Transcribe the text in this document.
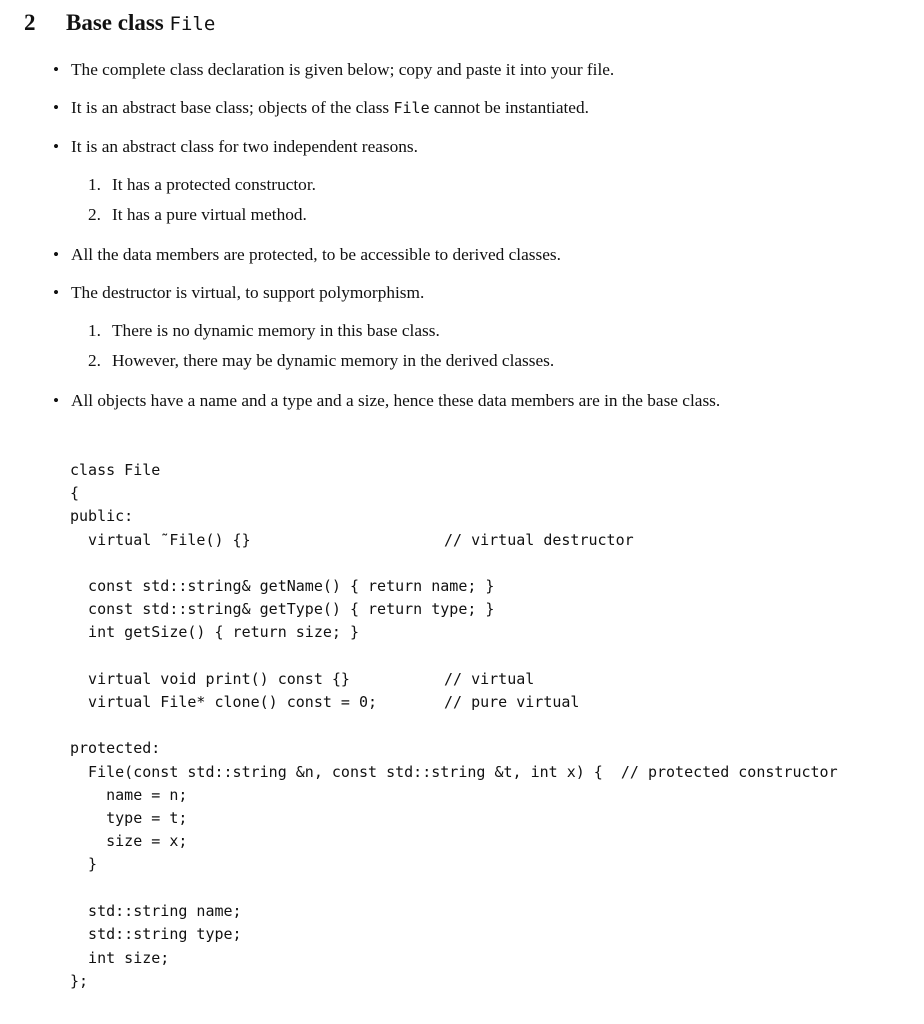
2 Base class File
• The complete class declaration is given below; copy and paste it into your file.
• It is an abstract base class; objects of the class File cannot be instantiated.
• It is an abstract class for two independent reasons.
1. It has a protected constructor.
2. It has a pure virtual method.
• All the data members are protected, to be accessible to derived classes.
• The destructor is virtual, to support polymorphism.
1. There is no dynamic memory in this base class.
2. However, there may be dynamic memory in the derived classes.
• All objects have a name and a type and a size, hence these data members are in the base class.
class File
{
public:
virtual ˜File() {}	// virtual destructor
const std::string& getName() { return name; }
const std::string& getType() { return type; }
int getSize() { return size; }
virtual void print() const {}	// virtual
virtual File* clone() const = 0;	// pure virtual
protected:
File(const std::string &n, const std::string &t, int x) {  // protected constructor
name = n;
type = t;
size = x;
}
std::string name;
std::string type;
int size;
};
